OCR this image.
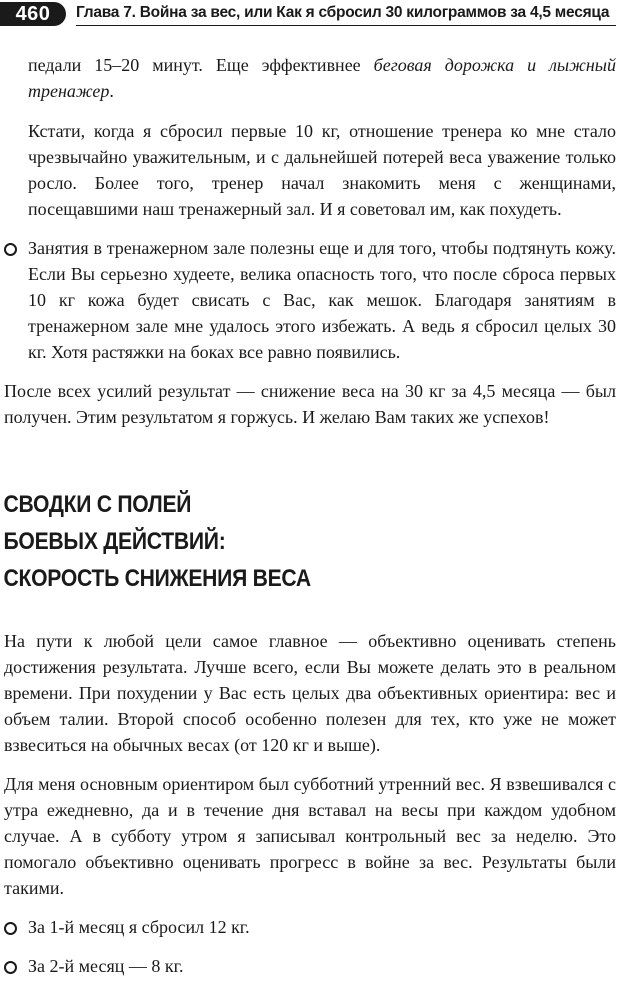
460	Глава 7. Война за вес, или Как я сбросил 30 килограммов за 4,5 месяца

педали 15–20 минут. Еще эффективнее беговая дорожка и лыжный тренажер.

Кстати, когда я сбросил первые 10 кг, отношение тренера ко мне стало чрезвычайно уважительным, и с дальнейшей потерей веса уважение только росло. Более того, тренер начал знакомить меня с женщинами, посещавшими наш тренажерный зал. И я советовал им, как похудеть.

Занятия в тренажерном зале полезны еще и для того, чтобы подтянуть кожу. Если Вы серьезно худеете, велика опасность того, что после сброса первых 10 кг кожа будет свисать с Вас, как мешок. Благодаря занятиям в тренажерном зале мне удалось этого избежать. А ведь я сбросил целых 30 кг. Хотя растяжки на боках все равно появились.

После всех усилий результат — снижение веса на 30 кг за 4,5 месяца — был получен. Этим результатом я горжусь. И желаю Вам таких же успехов!

СВОДКИ С ПОЛЕЙ
БОЕВЫХ ДЕЙСТВИЙ:
СКОРОСТЬ СНИЖЕНИЯ ВЕСА

На пути к любой цели самое главное — объективно оценивать степень достижения результата. Лучше всего, если Вы можете делать это в реальном времени. При похудении у Вас есть целых два объективных ориентира: вес и объем талии. Второй способ особенно полезен для тех, кто уже не может взвеситься на обычных весах (от 120 кг и выше).

Для меня основным ориентиром был субботний утренний вес. Я взвешивался с утра ежедневно, да и в течение дня вставал на весы при каждом удобном случае. А в субботу утром я записывал контрольный вес за неделю. Это помогало объективно оценивать прогресс в войне за вес. Результаты были такими.

За 1-й месяц я сбросил 12 кг.
За 2-й месяц — 8 кг.
